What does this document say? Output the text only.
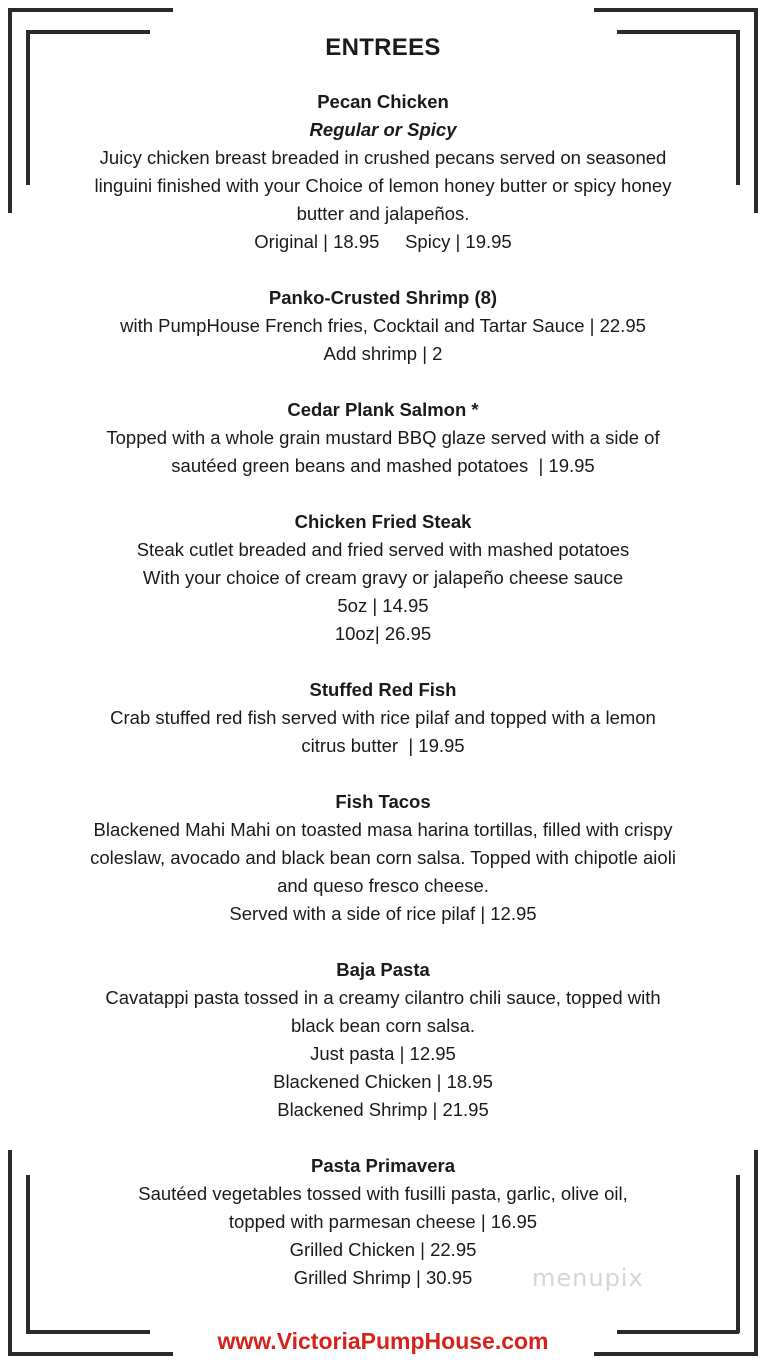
ENTREES
Pecan Chicken
Regular or Spicy
Juicy chicken breast breaded in crushed pecans served on seasoned
linguini finished with your Choice of lemon honey butter or spicy honey
butter and jalapeños.
Original | 18.95     Spicy | 19.95
Panko-Crusted Shrimp (8)
with PumpHouse French fries, Cocktail and Tartar Sauce | 22.95
Add shrimp | 2
Cedar Plank Salmon *
Topped with a whole grain mustard BBQ glaze served with a side of
sautéed green beans and mashed potatoes  | 19.95
Chicken Fried Steak
Steak cutlet breaded and fried served with mashed potatoes
With your choice of cream gravy or jalapeño cheese sauce
5oz | 14.95
10oz| 26.95
Stuffed Red Fish
Crab stuffed red fish served with rice pilaf and topped with a lemon
citrus butter  | 19.95
Fish Tacos
Blackened Mahi Mahi on toasted masa harina tortillas, filled with crispy
coleslaw, avocado and black bean corn salsa. Topped with chipotle aioli
and queso fresco cheese.
Served with a side of rice pilaf | 12.95
Baja Pasta
Cavatappi pasta tossed in a creamy cilantro chili sauce, topped with
black bean corn salsa.
Just pasta | 12.95
Blackened Chicken | 18.95
Blackened Shrimp | 21.95
Pasta Primavera
Sautéed vegetables tossed with fusilli pasta, garlic, olive oil,
topped with parmesan cheese | 16.95
Grilled Chicken | 22.95
Grilled Shrimp | 30.95	menupix
www.VictoriaPumpHouse.com
